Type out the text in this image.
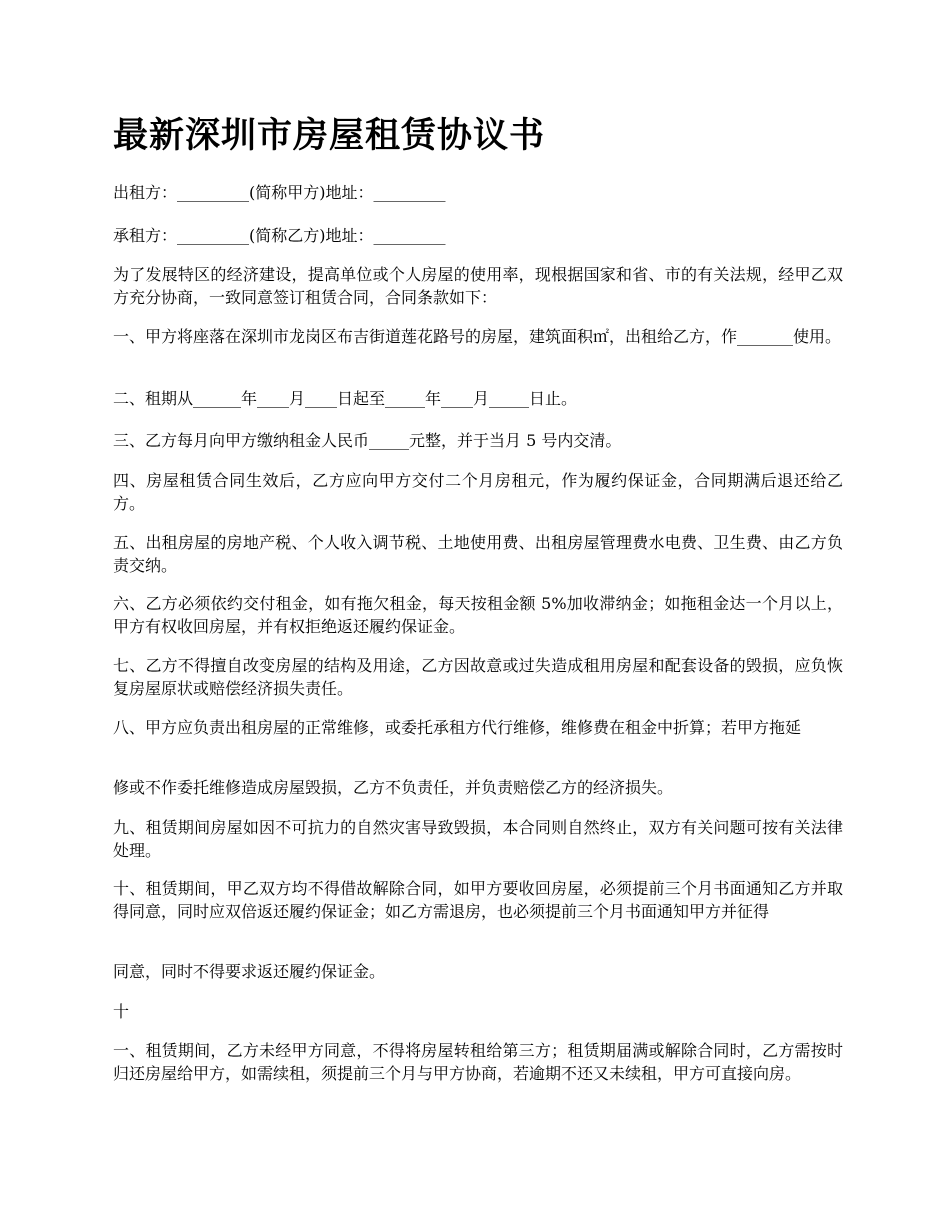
最新深圳市房屋租赁协议书

出租方：_________(简称甲方)地址：_________

承租方：_________(简称乙方)地址：_________

为了发展特区的经济建设，提高单位或个人房屋的使用率，现根据国家和省、市的有关法规，经甲乙双方充分协商，一致同意签订租赁合同，合同条款如下：

一、甲方将座落在深圳市龙岗区布吉街道莲花路号的房屋，建筑面积㎡，出租给乙方，作_______使用。

二、租期从______年____月____日起至_____年____月_____日止。

三、乙方每月向甲方缴纳租金人民币_____元整，并于当月 5 号内交清。

四、房屋租赁合同生效后，乙方应向甲方交付二个月房租元，作为履约保证金，合同期满后退还给乙方。

五、出租房屋的房地产税、个人收入调节税、土地使用费、出租房屋管理费水电费、卫生费、由乙方负责交纳。

六、乙方必须依约交付租金，如有拖欠租金，每天按租金额 5%加收滞纳金；如拖租金达一个月以上，甲方有权收回房屋，并有权拒绝返还履约保证金。

七、乙方不得擅自改变房屋的结构及用途，乙方因故意或过失造成租用房屋和配套设备的毁损，应负恢复房屋原状或赔偿经济损失责任。

八、甲方应负责出租房屋的正常维修，或委托承租方代行维修，维修费在租金中折算；若甲方拖延

修或不作委托维修造成房屋毁损，乙方不负责任，并负责赔偿乙方的经济损失。

九、租赁期间房屋如因不可抗力的自然灾害导致毁损，本合同则自然终止，双方有关问题可按有关法律处理。

十、租赁期间，甲乙双方均不得借故解除合同，如甲方要收回房屋，必须提前三个月书面通知乙方并取得同意，同时应双倍返还履约保证金；如乙方需退房，也必须提前三个月书面通知甲方并征得

同意，同时不得要求返还履约保证金。

十

一、租赁期间，乙方未经甲方同意，不得将房屋转租给第三方；租赁期届满或解除合同时，乙方需按时归还房屋给甲方，如需续租，须提前三个月与甲方协商，若逾期不还又未续租，甲方可直接向房。
